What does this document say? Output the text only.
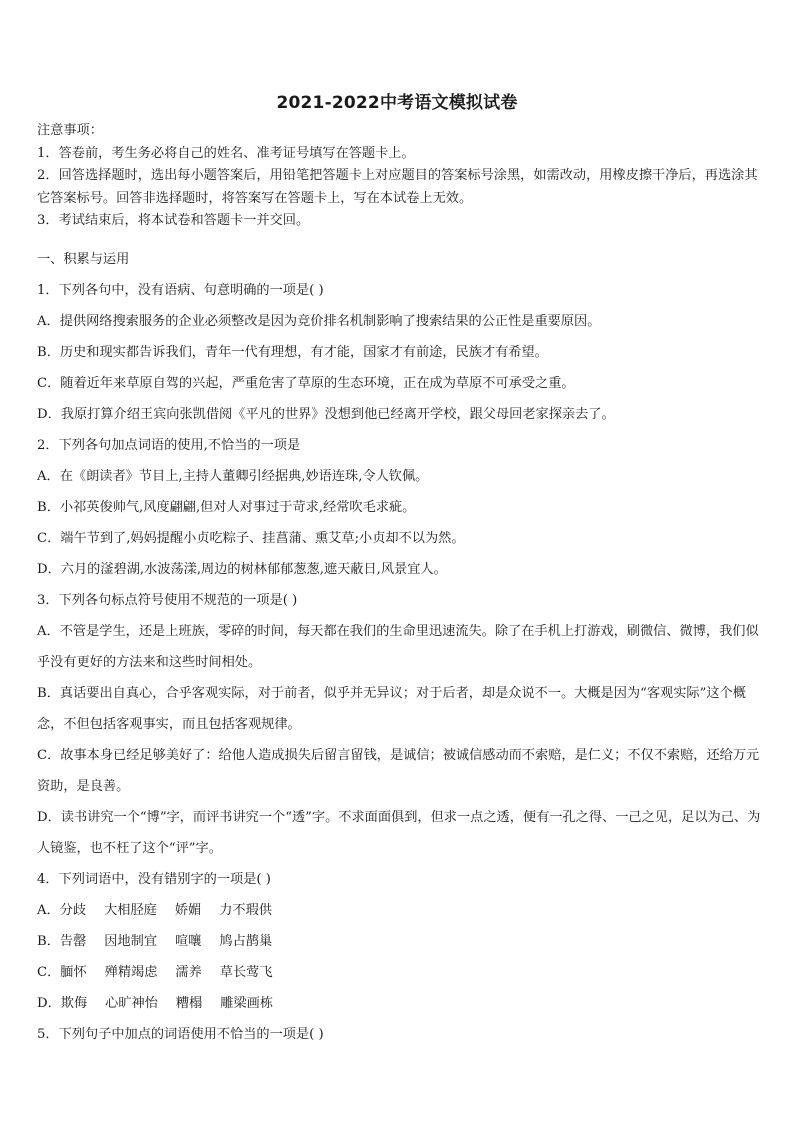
2021-2022中考语文模拟试卷

注意事项：

1．答卷前，考生务必将自己的姓名、准考证号填写在答题卡上。

2．回答选择题时，选出每小题答案后，用铅笔把答题卡上对应题目的答案标号涂黑，如需改动，用橡皮擦干净后，再选涂其它答案标号。回答非选择题时，将答案写在答题卡上，写在本试卷上无效。

3．考试结束后，将本试卷和答题卡一并交回。

一、积累与运用

1．下列各句中，没有语病、句意明确的一项是( )

A．提供网络搜索服务的企业必须整改是因为竞价排名机制影响了搜索结果的公正性是重要原因。

B．历史和现实都告诉我们，青年一代有理想，有才能，国家才有前途，民族才有希望。

C．随着近年来草原自驾的兴起，严重危害了草原的生态环境，正在成为草原不可承受之重。

D．我原打算介绍王宾向张凯借阅《平凡的世界》没想到他已经离开学校，跟父母回老家探亲去了。

2．下列各句加点词语的使用,不恰当的一项是

A．在《朗读者》节目上,主持人董卿引经据典,妙语连珠,令人钦佩。

B．小祁英俊帅气,风度翩翩,但对人对事过于苛求,经常吹毛求疵。

C．端午节到了,妈妈提醒小贞吃粽子、挂菖蒲、熏艾草;小贞却不以为然。

D．六月的滏碧湖,水波荡漾,周边的树林郁郁葱葱,遮天蔽日,风景宜人。

3．下列各句标点符号使用不规范的一项是( )

A．不管是学生，还是上班族，零碎的时间，每天都在我们的生命里迅速流失。除了在手机上打游戏，刷微信、微博，我们似乎没有更好的方法来和这些时间相处。

B．真话要出自真心，合乎客观实际，对于前者，似乎并无异议；对于后者，却是众说不一。大概是因为“客观实际”这个概念，不但包括客观事实，而且包括客观规律。

C．故事本身已经足够美好了：给他人造成损失后留言留钱，是诚信；被诚信感动而不索赔，是仁义；不仅不索赔，还给万元资助，是良善。

D．读书讲究一个“博”字，而评书讲究一个“透”字。不求面面俱到，但求一点之透，便有一孔之得、一己之见，足以为己、为人镜鉴，也不枉了这个“评”字。

4．下列词语中，没有错别字的一项是( )

A．分歧 大相胫庭 娇媚 力不瑕供

B．告罄 因地制宜 喧嚷 鸠占鹊巢

C．腼怀 殚精竭虑 濡养 草长莺飞

D．欺侮 心旷神怡 糟榻 雕梁画栋

5．下列句子中加点的词语使用不恰当的一项是( )
